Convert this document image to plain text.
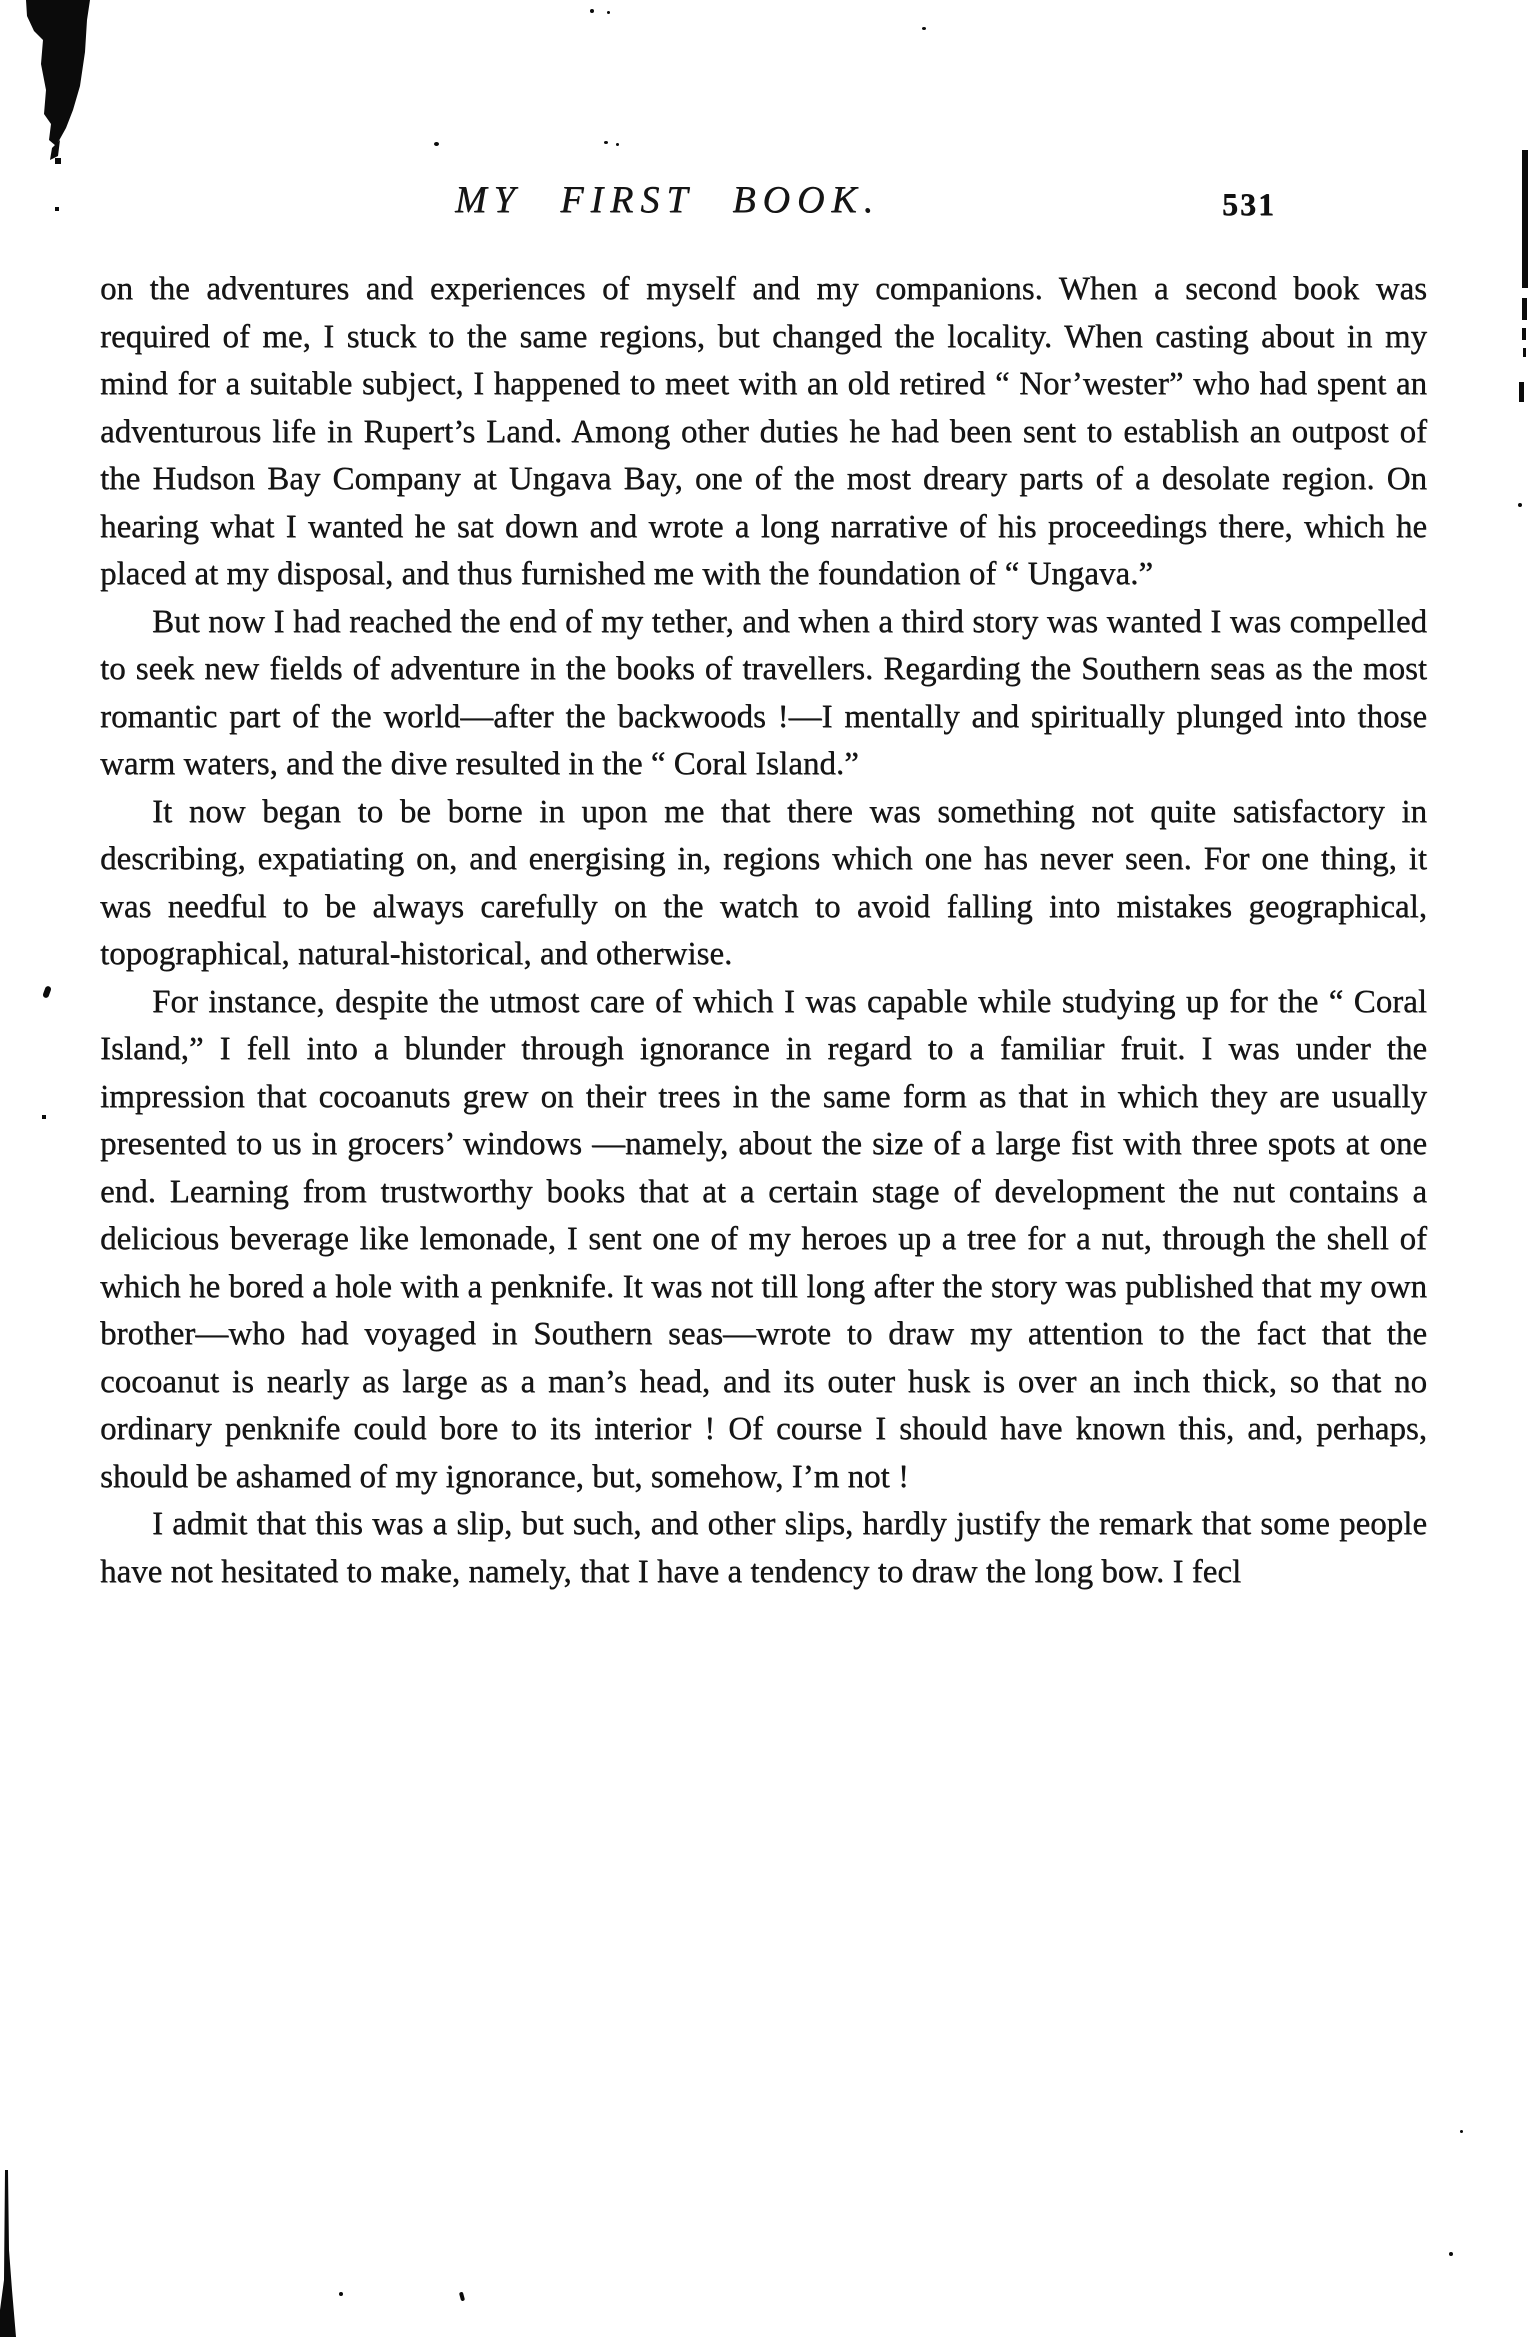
MY FIRST BOOK.	531

on the adventures and experiences of myself and my companions. When a second book was required of me, I stuck to the same regions, but changed the locality. When casting about in my mind for a suitable subject, I happened to meet with an old retired “ Nor’wester” who had spent an adventurous life in Rupert’s Land. Among other duties he had been sent to establish an outpost of the Hudson Bay Company at Ungava Bay, one of the most dreary parts of a desolate region. On hearing what I wanted he sat down and wrote a long narrative of his proceedings there, which he placed at my disposal, and thus furnished me with the foundation of “ Ungava.”

But now I had reached the end of my tether, and when a third story was wanted I was compelled to seek new fields of adventure in the books of travellers. Regarding the Southern seas as the most romantic part of the world—after the backwoods !—I mentally and spiritually plunged into those warm waters, and the dive resulted in the “ Coral Island.”

It now began to be borne in upon me that there was something not quite satisfactory in describing, expatiating on, and energising in, regions which one has never seen. For one thing, it was needful to be always carefully on the watch to avoid falling into mistakes geographical, topographical, natural-historical, and otherwise.

For instance, despite the utmost care of which I was capable while studying up for the “ Coral Island,” I fell into a blunder through ignorance in regard to a familiar fruit. I was under the impression that cocoanuts grew on their trees in the same form as that in which they are usually presented to us in grocers’ windows —namely, about the size of a large fist with three spots at one end. Learning from trustworthy books that at a certain stage of development the nut contains a delicious beverage like lemonade, I sent one of my heroes up a tree for a nut, through the shell of which he bored a hole with a penknife. It was not till long after the story was published that my own brother—who had voyaged in Southern seas—wrote to draw my attention to the fact that the cocoanut is nearly as large as a man’s head, and its outer husk is over an inch thick, so that no ordinary penknife could bore to its interior ! Of course I should have known this, and, perhaps, should be ashamed of my ignorance, but, somehow, I’m not !

I admit that this was a slip, but such, and other slips, hardly justify the remark that some people have not hesitated to make, namely, that I have a tendency to draw the long bow. I fecl
